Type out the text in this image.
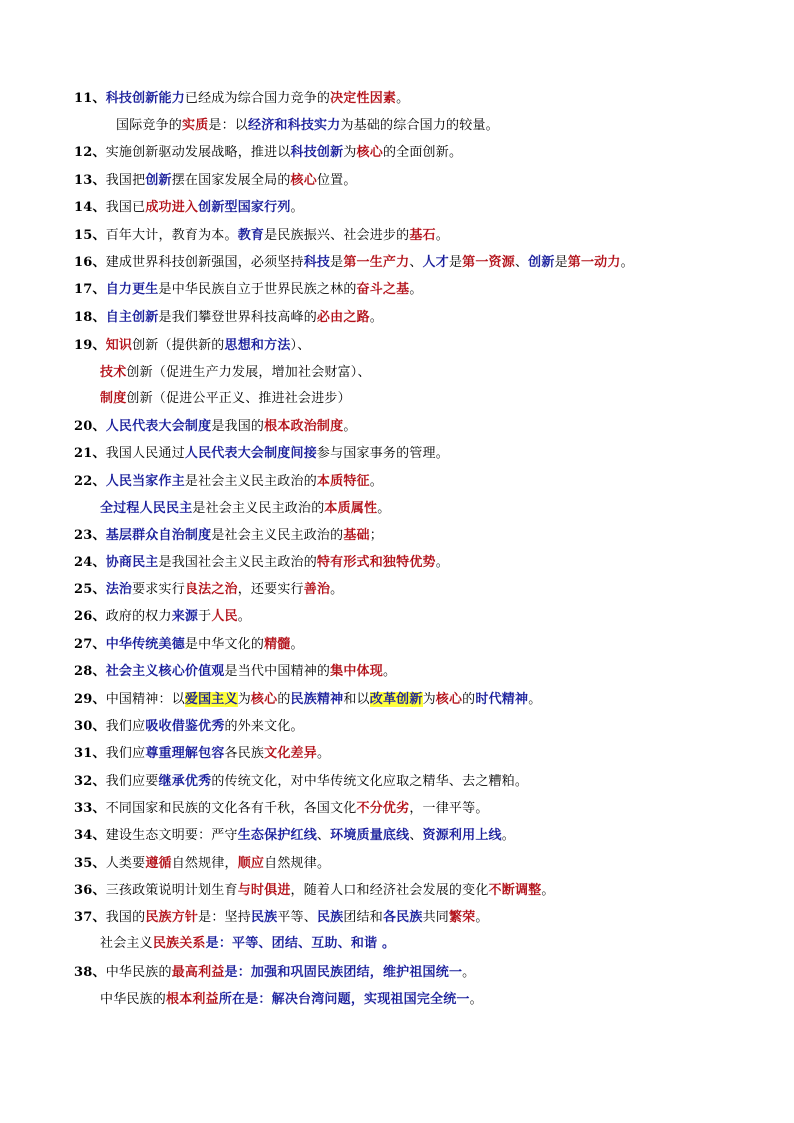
11、科技创新能力已经成为综合国力竞争的决定性因素。
国际竞争的实质是：以经济和科技实力为基础的综合国力的较量。
12、实施创新驱动发展战略，推进以科技创新为核心的全面创新。
13、我国把创新摆在国家发展全局的核心位置。
14、我国已成功进入创新型国家行列。
15、百年大计，教育为本。教育是民族振兴、社会进步的基石。
16、建成世界科技创新强国，必须坚持科技是第一生产力、人才是第一资源、创新是第一动力。
17、自力更生是中华民族自立于世界民族之林的奋斗之基。
18、自主创新是我们攀登世界科技高峰的必由之路。
19、知识创新（提供新的思想和方法）、
技术创新（促进生产力发展，增加社会财富）、
制度创新（促进公平正义、推进社会进步）
20、人民代表大会制度是我国的根本政治制度。
21、我国人民通过人民代表大会制度间接参与国家事务的管理。
22、人民当家作主是社会主义民主政治的本质特征。
全过程人民民主是社会主义民主政治的本质属性。
23、基层群众自治制度是社会主义民主政治的基础；
24、协商民主是我国社会主义民主政治的特有形式和独特优势。
25、法治要求实行良法之治，还要实行善治。
26、政府的权力来源于人民。
27、中华传统美德是中华文化的精髓。
28、社会主义核心价值观是当代中国精神的集中体现。
29、中国精神：以爱国主义为核心的民族精神和以改革创新为核心的时代精神。
30、我们应吸收借鉴优秀的外来文化。
31、我们应尊重理解包容各民族文化差异。
32、我们应要继承优秀的传统文化，对中华传统文化应取之精华、去之糟粕。
33、不同国家和民族的文化各有千秋，各国文化不分优劣，一律平等。
34、建设生态文明要：严守生态保护红线、环境质量底线、资源利用上线。
35、人类要遵循自然规律，顺应自然规律。
36、三孩政策说明计划生育与时俱进，随着人口和经济社会发展的变化不断调整。
37、我国的民族方针是：坚持民族平等、民族团结和各民族共同繁荣。
社会主义民族关系是：平等、团结、互助、和谐 。
38、中华民族的最高利益是：加强和巩固民族团结，维护祖国统一。
中华民族的根本利益所在是：解决台湾问题，实现祖国完全统一。
